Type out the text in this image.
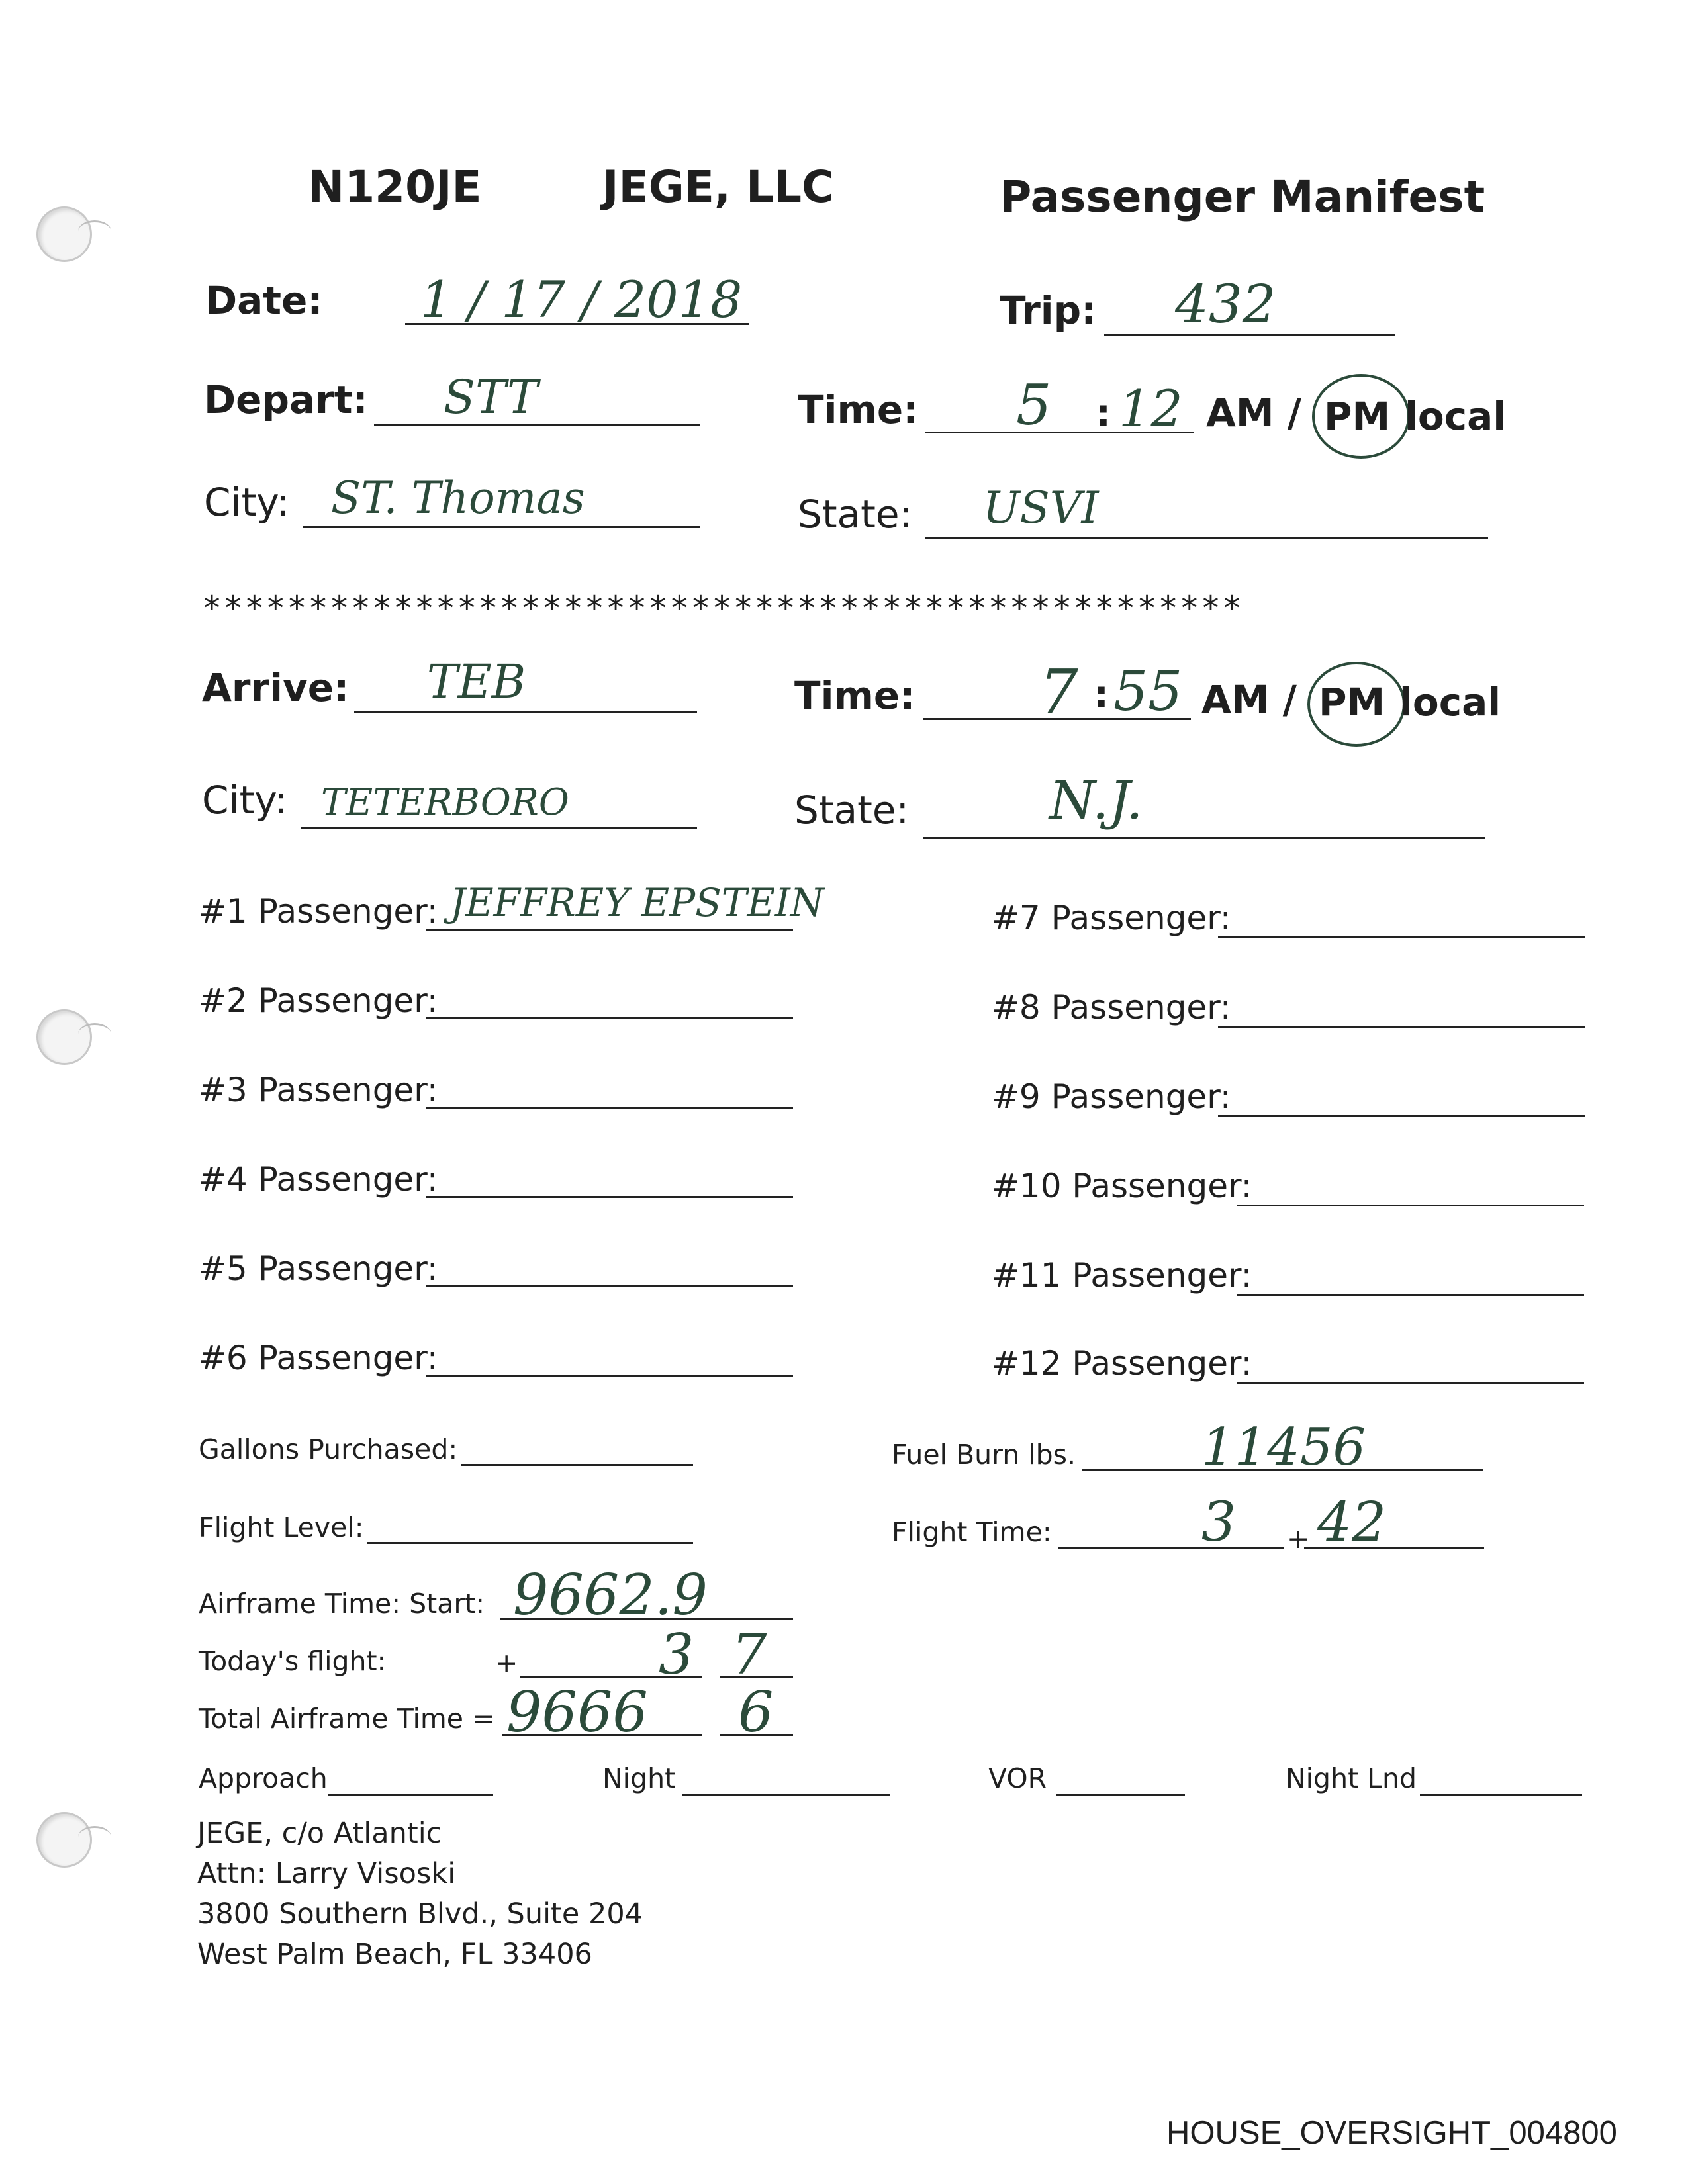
N120JE	JEGE, LLC	Passenger Manifest
Date: 1 / 17 / 2018	Trip: 432
Depart: STT	Time: 5 : 12 AM / PM local
City: ST. Thomas	State: USVI
*************************************************
Arrive: TEB	Time: 7 : 55 AM / PM local
City: TETERBORO	State:	N.J.
#1 Passenger: JEFFREY EPSTEIN
#2 Passenger:
#3 Passenger:
#4 Passenger:
#5 Passenger:
#6 Passenger:
#7 Passenger:
#8 Passenger:
#9 Passenger:
#10 Passenger:
#11 Passenger:
#12 Passenger:
Gallons Purchased:	Fuel Burn lbs. 11456
Flight Level:	Flight Time:	3 + 42
Airframe Time: Start: 9662.9
Today's flight:	+	3 7
Total Airframe Time = 9666 6
Approach	Night	VOR	Night Lnd
JEGE, c/o Atlantic
Attn: Larry Visoski
3800 Southern Blvd., Suite 204
West Palm Beach, FL 33406
HOUSE_OVERSIGHT_004800
